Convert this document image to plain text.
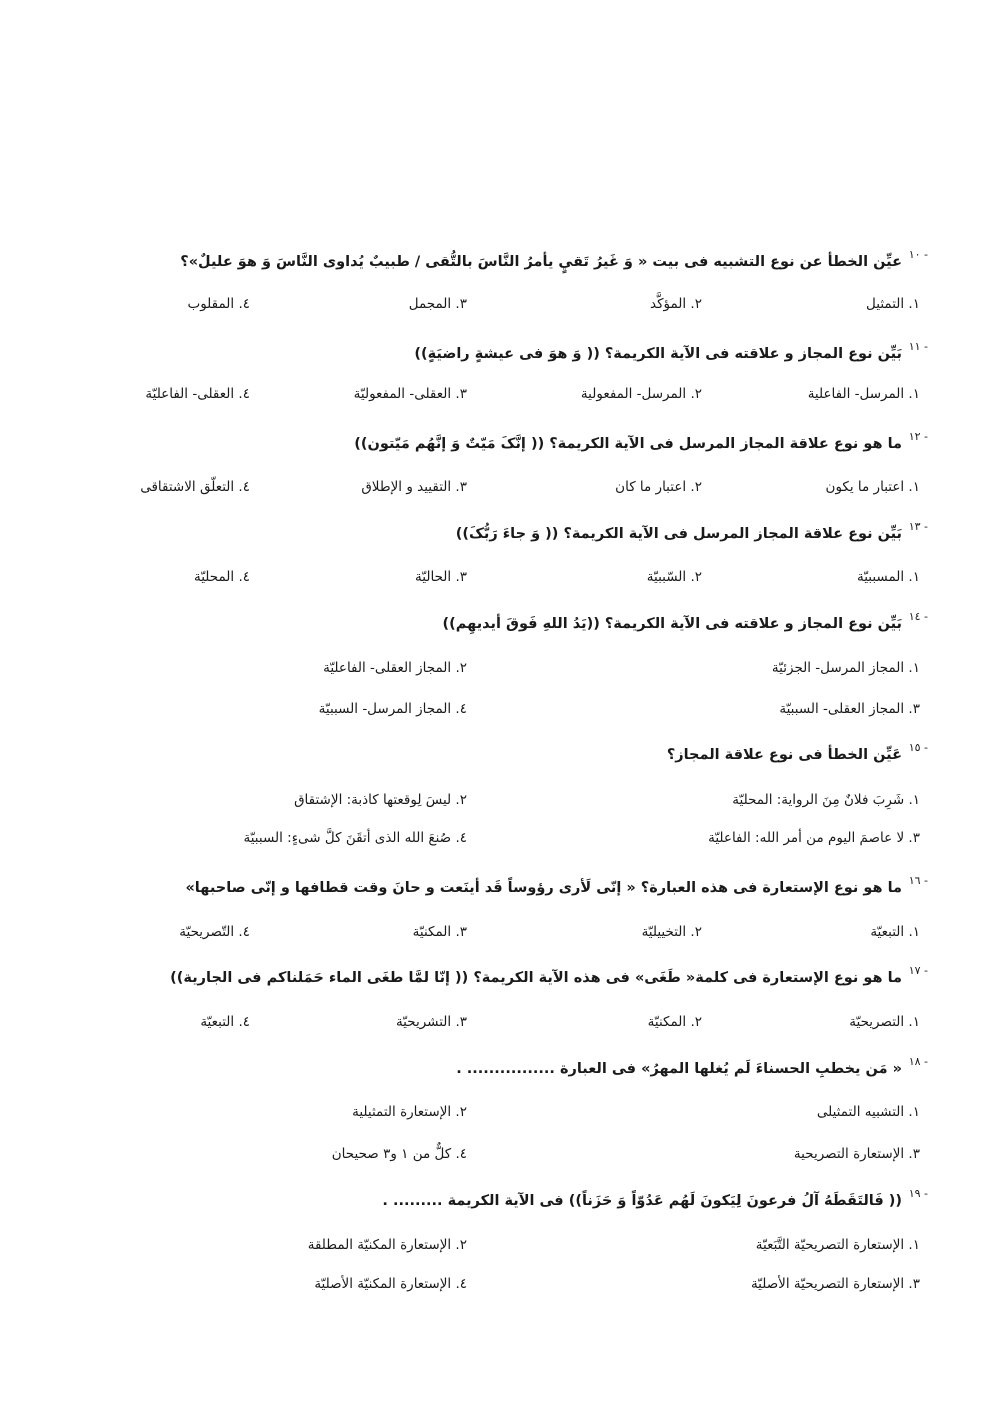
١٠ -
عيِّن الخطأ عن نوع التشبيه فی بيت « وَ غَيرُ تَقيٍ يأمرُ النَّاسَ بالتُّقى / طبيبٌ يُداوى النَّاسَ وَ هوَ عليلٌ»؟
١. التمثيل
٢. المؤكَّد
٣. المجمل
٤. المقلوب
١١ -
بَيِّن نوع المجاز و علاقته فی الآية الكريمة؟ (( وَ هوَ فى عيشةٍ راضيَةٍ))
١. المرسل- الفاعلية
٢. المرسل- المفعولية
٣. العقلی- المفعوليّة
٤. العقلی- الفاعليّة
١٢ -
ما هو نوع علاقة المجاز المرسل فی الآية الكريمة؟ (( إنَّکَ مَيّتٌ وَ إنَّهُم مَيّتون))
١. اعتبار ما يكون
٢. اعتبار ما كان
٣. التقييد و الإطلاق
٤. التعلّق الاشتقاقی
١٣ -
بَيِّن نوع علاقة المجاز المرسل فی الآية الكريمة؟ (( وَ جاءَ رَبُّکَ))
١. المسببيّة
٢. السّببيّة
٣. الحاليّة
٤. المحليّة
١٤ -
بَيِّن نوع المجاز و علاقته فی الآية الكريمة؟ ((يَدُ اللهِ فَوقَ أيديهِم))
١. المجاز المرسل- الجزئيّة
٢. المجاز العقلی- الفاعليّة
٣. المجاز العقلی- السببيّة
٤. المجاز المرسل- السببيّة
١٥ -
عَيِّن الخطأ فی نوع علاقة المجاز؟
١. شَرِبَ فلانٌ مِنَ الرواية: المحليّة
٢. ليسَ لِوقعتها كاذبة: الإشتقاق
٣. لا عاصمَ اليوم من أمر الله: الفاعليّة
٤. صُنعَ الله الذی أتقَنَ كلَّ شیءٍ: السببيّة
١٦ -
ما هو نوع الإستعارة فی هذه العبارة؟ « إنّی لَأری رؤوساً قَد أينَعت و حانَ وقت قطافها و إنّی صاحبها»
١. التبعيّة
٢. التخييليّة
٣. المكنيّة
٤. التّصريحيّة
١٧ -
ما هو نوع الإستعارة فی كلمة« طَغَی» فی هذه الآية الكريمة؟ (( إنّا لمَّا طغَی الماء حَمَلناكم فی الجارية))
١. التصريحيّة
٢. المكنيّة
٣. التشريحيّة
٤. التبعيّة
١٨ -
« مَن يخطبِ الحسناءَ لَم يُغلها المهرُ» فی العبارة ................ .
١. التشبيه التمثيلی
٢. الإستعارة التمثيلية
٣. الإستعارة التصريحية
٤. كلٌّ من ١ و٣ صحيحان
١٩ -
(( فَالتَقَطَهُ آلُ فرعونَ لِيَكونَ لَهُم عَدُوّاً وَ حَزَناً)) فی الآية الكريمة ......... .
١. الإستعارة التصريحيّة التَّبَعيّة
٢. الإستعارة المكنيّة المطلقة
٣. الإستعارة التصريحيّة الأصليّة
٤. الإستعارة المكنيّة الأصليّة
